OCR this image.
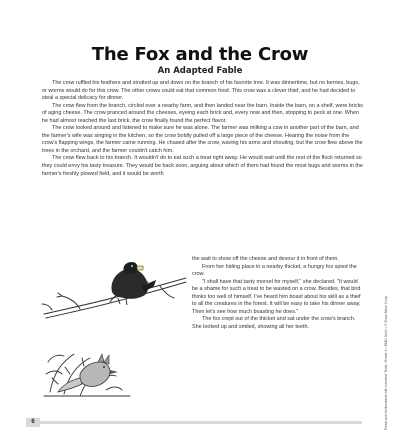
The Fox and the Crow
An Adapted Fable

The crow ruffled his feathers and strutted up and down on the branch of his favorite tree. It was dinnertime, but no berries, bugs, or worms would do for this crow. The other crows could eat that common food. This crow was a clever thief, and he had decided to steal a special delicacy for dinner.

The crow flew from the branch, circled over a nearby farm, and then landed near the barn. Inside the barn, on a shelf, were bricks of aging cheese. The crow pranced around the cheeses, eyeing each brick and, every now and then, stopping to peck at one. When he had almost reached the last brick, the crow finally found the perfect flavor.

The crow looked around and listened to make sure he was alone. The farmer was milking a cow in another part of the barn, and the farmer's wife was singing in the kitchen, so the crow boldly pulled off a large piece of the cheese. Hearing the noise from the crow's flapping wings, the farmer came running. He chased after the crow, waving his arms and shouting, but the crow flew above the trees in the orchard, and the farmer couldn't catch him.

The crow flew back to his branch. It wouldn't do to eat such a treat right away. He would wait until the rest of the flock returned so they could envy his tasty treasure. They would be back soon, arguing about which of them had found the most bugs and worms in the farmer's freshly plowed field, and it would be worth

the wait to show off the cheese and devour it in front of them.

From her hiding place in a nearby thicket, a hungry fox spied the crow.

"I shall have that tasty morsel for myself," she declared. "It would be a shame for such a treat to be wasted on a crow. Besides, that bird thinks too well of himself. I've heard him boast about his skill as a thief to all the creatures in the forest. It will be easy to take his dinner away. Then let's see how much boasting he does."

The fox crept out of the thicket and sat under the crow's branch. She looked up and smiled, showing all her teeth.	Read and Understand with Leveled Texts, Grade 4 • EMC 3444 • © Evan-Moor Corp.
6
